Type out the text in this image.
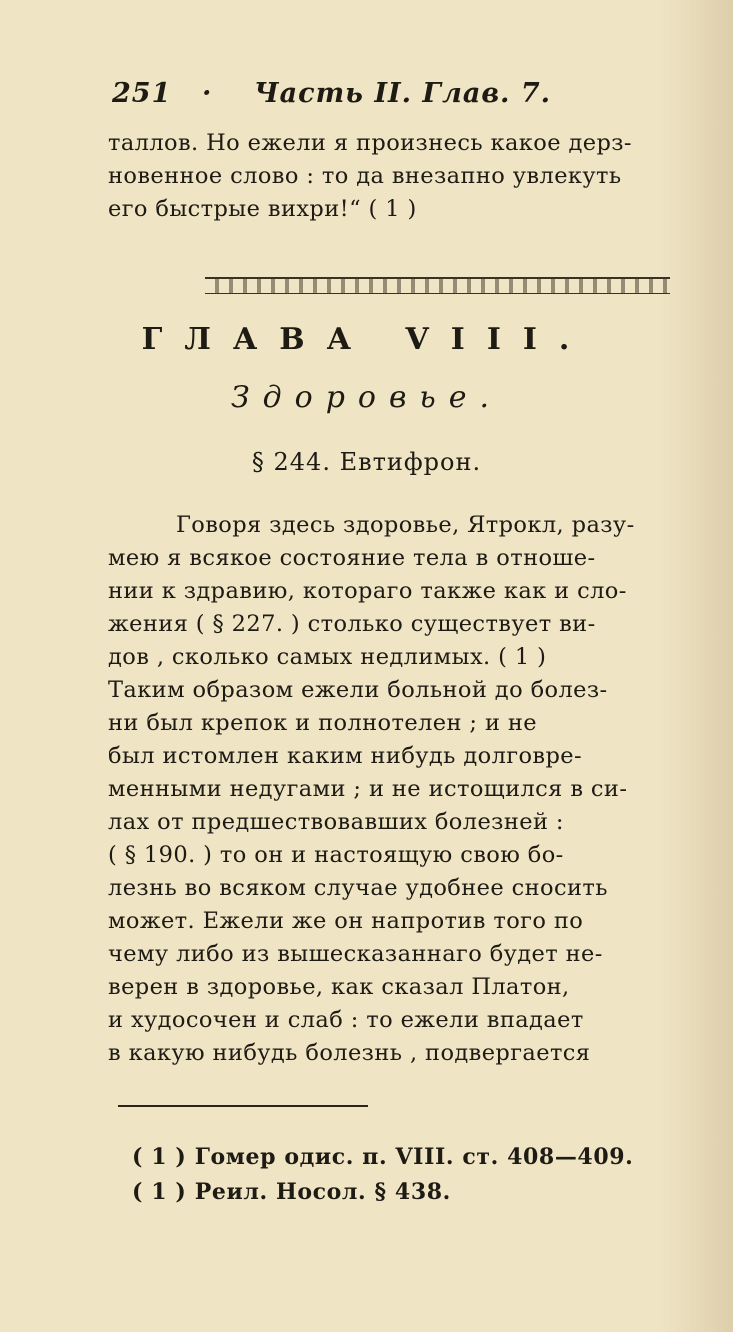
251 · Часть II. Глав. 7.
таллов. Но ежели я произнесь какое дерз-
новенное слово : то да внезапно увлекуть
его быстрые вихри!“ ( 1 )
ГЛАВА VIII.
Здоровье.
§ 244. Евтифрон.
Говоря здесь здоровье, Ятрокл, разу-
мею я всякое состояние тела в отноше-
нии к здравию, котораго также как и сло-
жения ( § 227. ) столько существует ви-
дов , сколько самых недлимых. ( 1 )
Таким образом ежели больной до болез-
ни был крепок и полнотелен ; и не
был истомлен каким нибудь долговре-
менными недугами ; и не истощился в си-
лах от предшествовавших болезней :
( § 190. ) то он и настоящую свою бо-
лезнь во всяком случае удобнее сносить
может. Ежели же он напротив того по
чему либо из вышесказаннаго будет не-
верен в здоровье, как сказал Платон,
и худосочен и слаб : то ежели впадает
в какую нибудь болезнь , подвергается
( 1 ) Гомер одис. п. VIII. ст. 408—409.
( 1 ) Реил. Носол. § 438.
